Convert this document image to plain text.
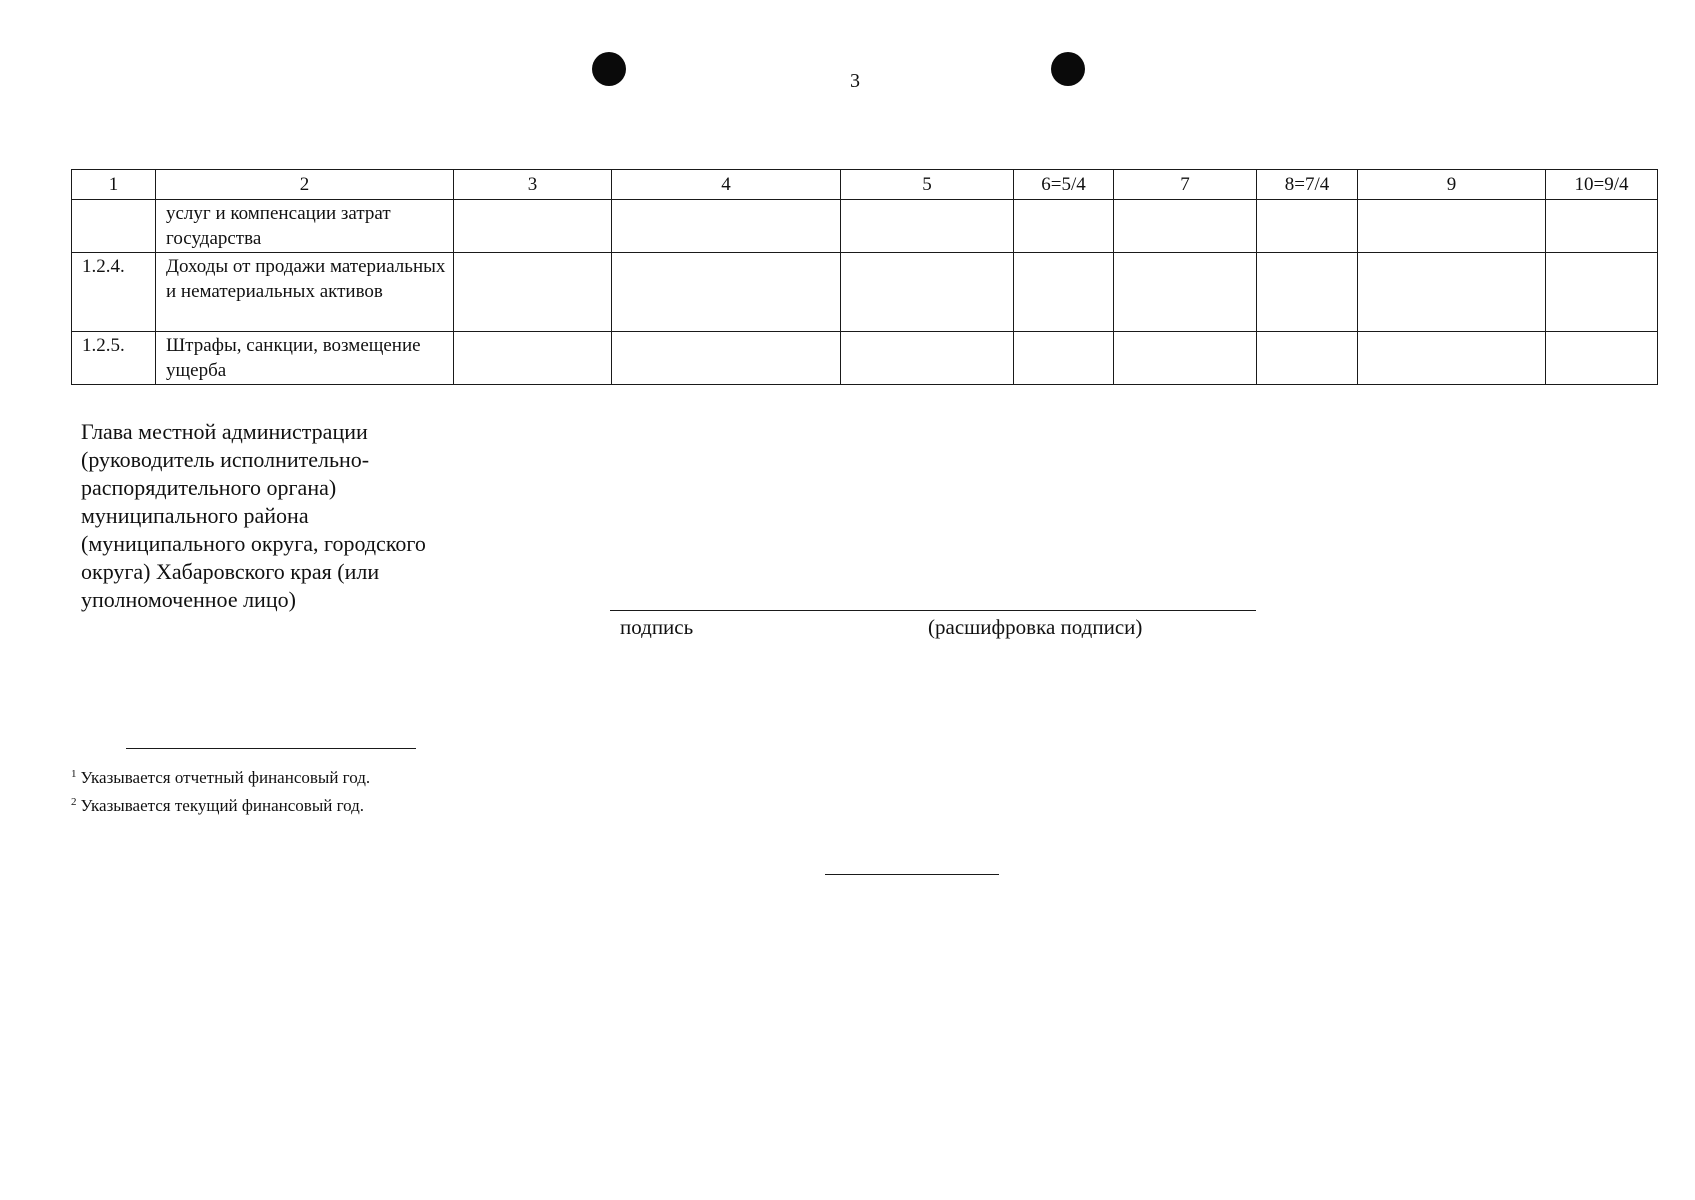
3
1	2	3	4	5	6=5/4	7	8=7/4	9	10=9/4
	услуг и компенсации затрат государства								
1.2.4.	Доходы от продажи материальных и нематериальных активов								
1.2.5.	Штрафы, санкции, возмещение ущерба								
Глава местной администрации (руководитель исполнительно-распорядительного органа) муниципального района (муниципального округа, городского округа) Хабаровского края (или уполномоченное лицо)
подпись	(расшифровка подписи)
$^1$ Указывается отчетный финансовый год.
$^2$ Указывается текущий финансовый год.
